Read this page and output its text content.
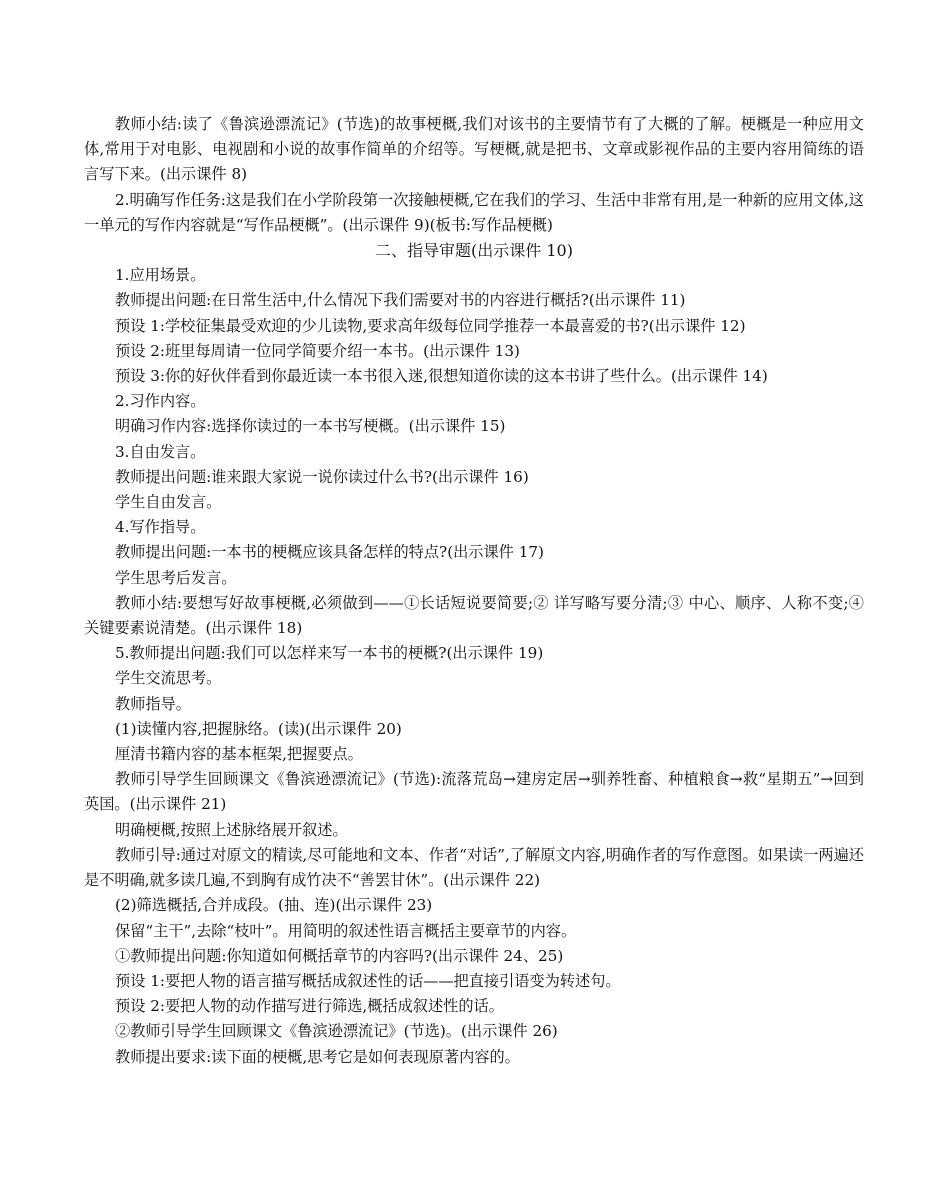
教师小结:读了《鲁滨逊漂流记》(节选)的故事梗概,我们对该书的主要情节有了大概的了解。梗概是一种应用文体,常用于对电影、电视剧和小说的故事作简单的介绍等。写梗概,就是把书、文章或影视作品的主要内容用简练的语言写下来。(出示课件 8)

2.明确写作任务:这是我们在小学阶段第一次接触梗概,它在我们的学习、生活中非常有用,是一种新的应用文体,这一单元的写作内容就是“写作品梗概”。(出示课件 9)(板书:写作品梗概)

二、指导审题(出示课件 10)

1.应用场景。

教师提出问题:在日常生活中,什么情况下我们需要对书的内容进行概括?(出示课件 11)

预设 1:学校征集最受欢迎的少儿读物,要求高年级每位同学推荐一本最喜爱的书?(出示课件 12)

预设 2:班里每周请一位同学简要介绍一本书。(出示课件 13)

预设 3:你的好伙伴看到你最近读一本书很入迷,很想知道你读的这本书讲了些什么。(出示课件 14)

2.习作内容。

明确习作内容:选择你读过的一本书写梗概。(出示课件 15)

3.自由发言。

教师提出问题:谁来跟大家说一说你读过什么书?(出示课件 16)

学生自由发言。

4.写作指导。

教师提出问题:一本书的梗概应该具备怎样的特点?(出示课件 17)

学生思考后发言。

教师小结:要想写好故事梗概,必须做到——①长话短说要简要;② 详写略写要分清;③ 中心、顺序、人称不变;④ 关键要素说清楚。(出示课件 18)

5.教师提出问题:我们可以怎样来写一本书的梗概?(出示课件 19)

学生交流思考。

教师指导。

(1)读懂内容,把握脉络。(读)(出示课件 20)

厘清书籍内容的基本框架,把握要点。

教师引导学生回顾课文《鲁滨逊漂流记》(节选):流落荒岛→建房定居→驯养牲畜、种植粮食→救“星期五”→回到英国。(出示课件 21)

明确梗概,按照上述脉络展开叙述。

教师引导:通过对原文的精读,尽可能地和文本、作者“对话”,了解原文内容,明确作者的写作意图。如果读一两遍还是不明确,就多读几遍,不到胸有成竹决不“善罢甘休”。(出示课件 22)

(2)筛选概括,合并成段。(抽、连)(出示课件 23)

保留“主干”,去除“枝叶”。用简明的叙述性语言概括主要章节的内容。

①教师提出问题:你知道如何概括章节的内容吗?(出示课件 24、25)

预设 1:要把人物的语言描写概括成叙述性的话——把直接引语变为转述句。

预设 2:要把人物的动作描写进行筛选,概括成叙述性的话。

②教师引导学生回顾课文《鲁滨逊漂流记》(节选)。(出示课件 26)

教师提出要求:读下面的梗概,思考它是如何表现原著内容的。
